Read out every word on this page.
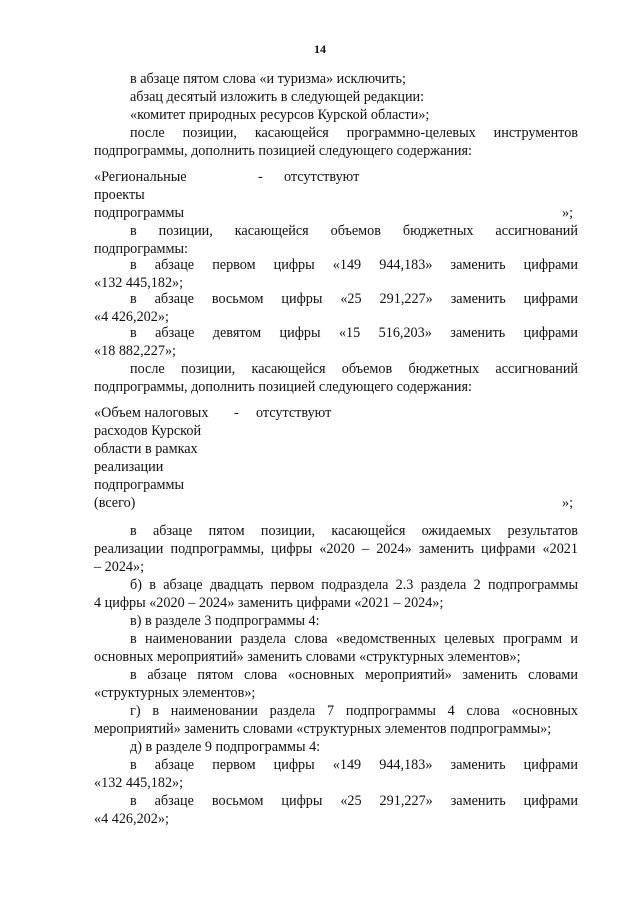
14
в абзаце пятом слова «и туризма» исключить;
абзац десятый изложить в следующей редакции:
«комитет природных ресурсов Курской области»;
после позиции, касающейся программно-целевых инструментов
подпрограммы, дополнить позицией следующего содержания:
«Региональные
проекты
подпрограммы
- отсутствуют
»;
в позиции, касающейся объемов бюджетных ассигнований
подпрограммы:
в абзаце первом цифры «149 944,183» заменить цифрами
«132 445,182»;
в абзаце восьмом цифры «25 291,227» заменить цифрами
«4 426,202»;
в абзаце девятом цифры «15 516,203» заменить цифрами
«18 882,227»;
после позиции, касающейся объемов бюджетных ассигнований
подпрограммы, дополнить позицией следующего содержания:
«Объем налоговых
расходов Курской
области в рамках
реализации
подпрограммы
(всего)
- отсутствуют
»;
в абзаце пятом позиции, касающейся ожидаемых результатов
реализации подпрограммы, цифры «2020 – 2024» заменить цифрами «2021
– 2024»;
б) в абзаце двадцать первом подраздела 2.3 раздела 2 подпрограммы
4 цифры «2020 – 2024» заменить цифрами «2021 – 2024»;
в) в разделе 3 подпрограммы 4:
в наименовании раздела слова «ведомственных целевых программ и
основных мероприятий» заменить словами «структурных элементов»;
в абзаце пятом слова «основных мероприятий» заменить словами
«структурных элементов»;
г) в наименовании раздела 7 подпрограммы 4 слова «основных
мероприятий» заменить словами «структурных элементов подпрограммы»;
д) в разделе 9 подпрограммы 4:
в абзаце первом цифры «149 944,183» заменить цифрами
«132 445,182»;
в абзаце восьмом цифры «25 291,227» заменить цифрами
«4 426,202»;
